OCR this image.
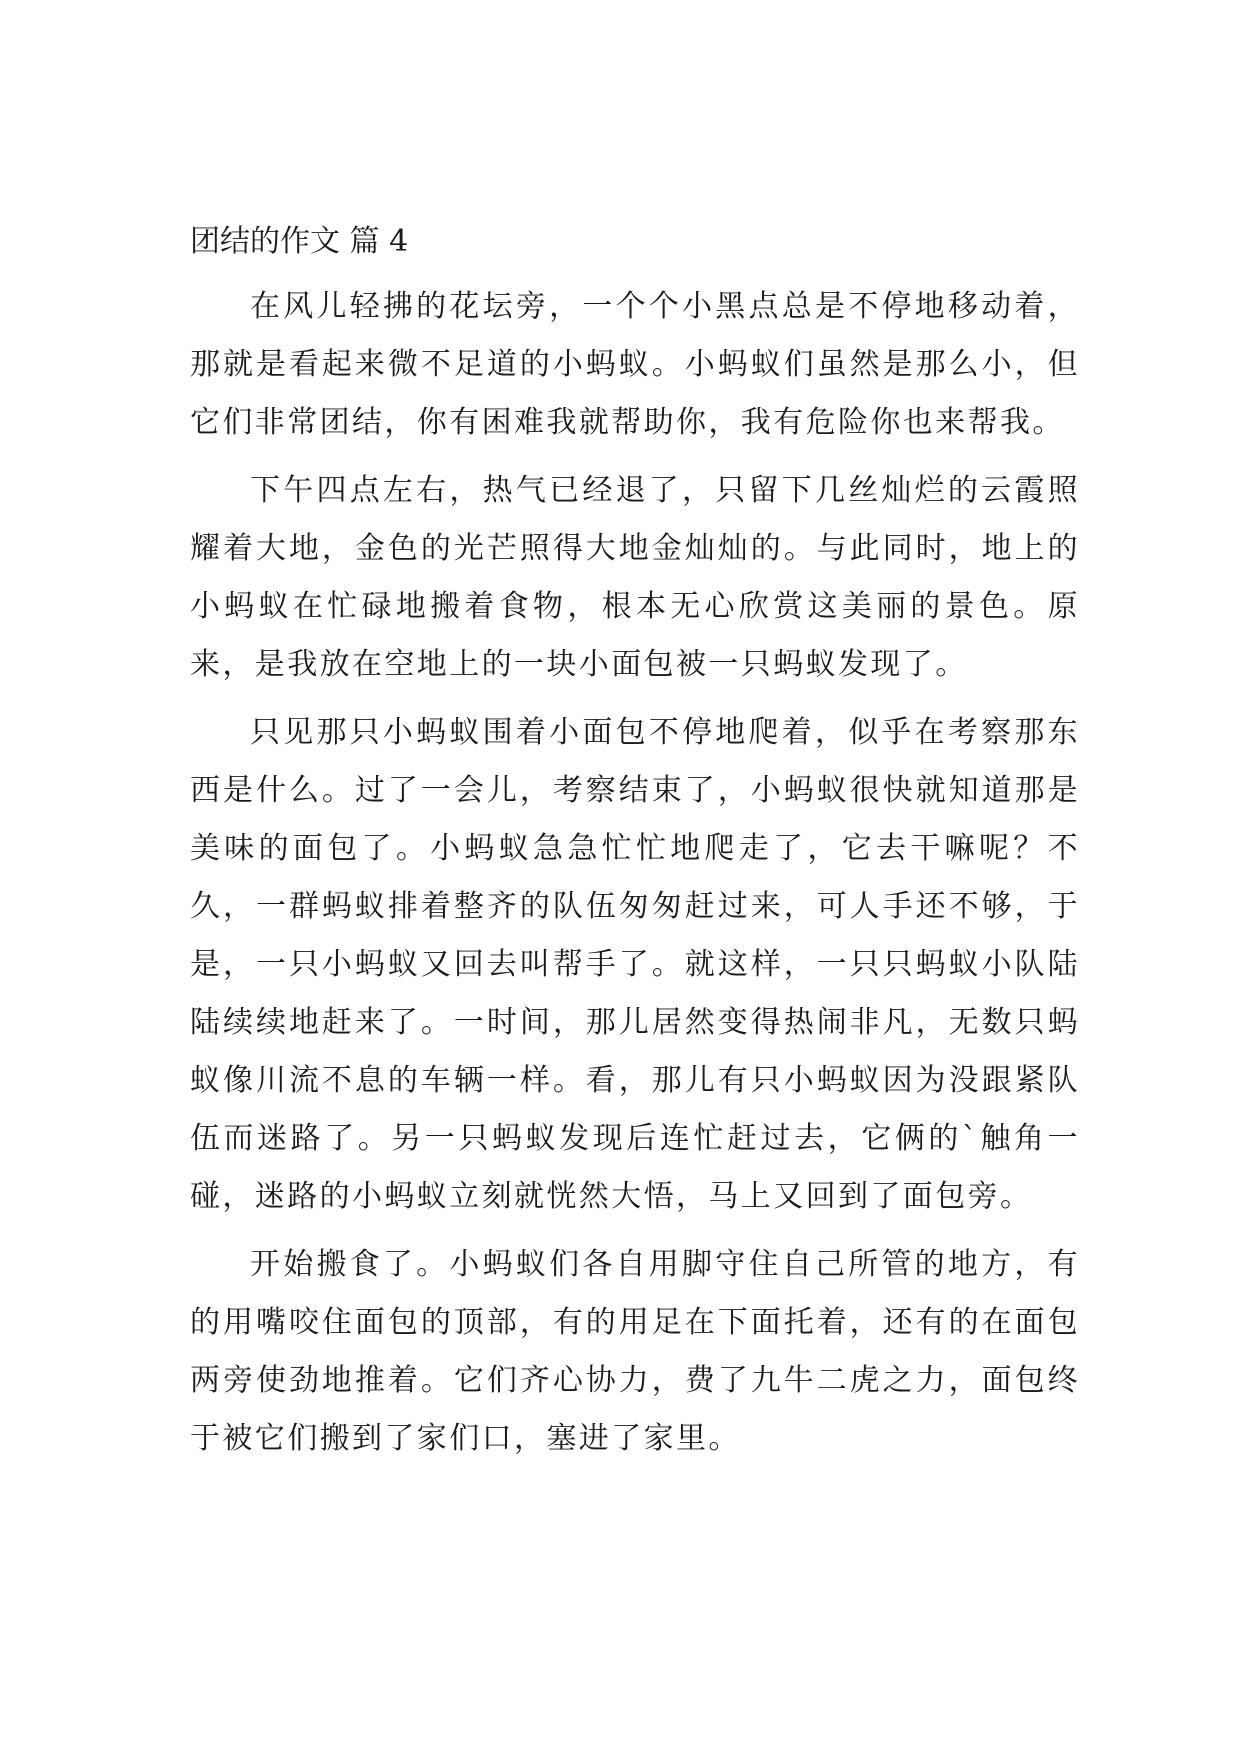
团结的作文 篇 4

在风儿轻拂的花坛旁，一个个小黑点总是不停地移动着，那就是看起来微不足道的小蚂蚁。小蚂蚁们虽然是那么小，但它们非常团结，你有困难我就帮助你，我有危险你也来帮我。

下午四点左右，热气已经退了，只留下几丝灿烂的云霞照耀着大地，金色的光芒照得大地金灿灿的。与此同时，地上的小蚂蚁在忙碌地搬着食物，根本无心欣赏这美丽的景色。原来，是我放在空地上的一块小面包被一只蚂蚁发现了。

只见那只小蚂蚁围着小面包不停地爬着，似乎在考察那东西是什么。过了一会儿，考察结束了，小蚂蚁很快就知道那是美味的面包了。小蚂蚁急急忙忙地爬走了，它去干嘛呢？不久，一群蚂蚁排着整齐的队伍匆匆赶过来，可人手还不够，于是，一只小蚂蚁又回去叫帮手了。就这样，一只只蚂蚁小队陆陆续续地赶来了。一时间，那儿居然变得热闹非凡，无数只蚂蚁像川流不息的车辆一样。看，那儿有只小蚂蚁因为没跟紧队伍而迷路了。另一只蚂蚁发现后连忙赶过去，它俩的`触角一碰，迷路的小蚂蚁立刻就恍然大悟，马上又回到了面包旁。

开始搬食了。小蚂蚁们各自用脚守住自己所管的地方，有的用嘴咬住面包的顶部，有的用足在下面托着，还有的在面包两旁使劲地推着。它们齐心协力，费了九牛二虎之力，面包终于被它们搬到了家们口，塞进了家里。
